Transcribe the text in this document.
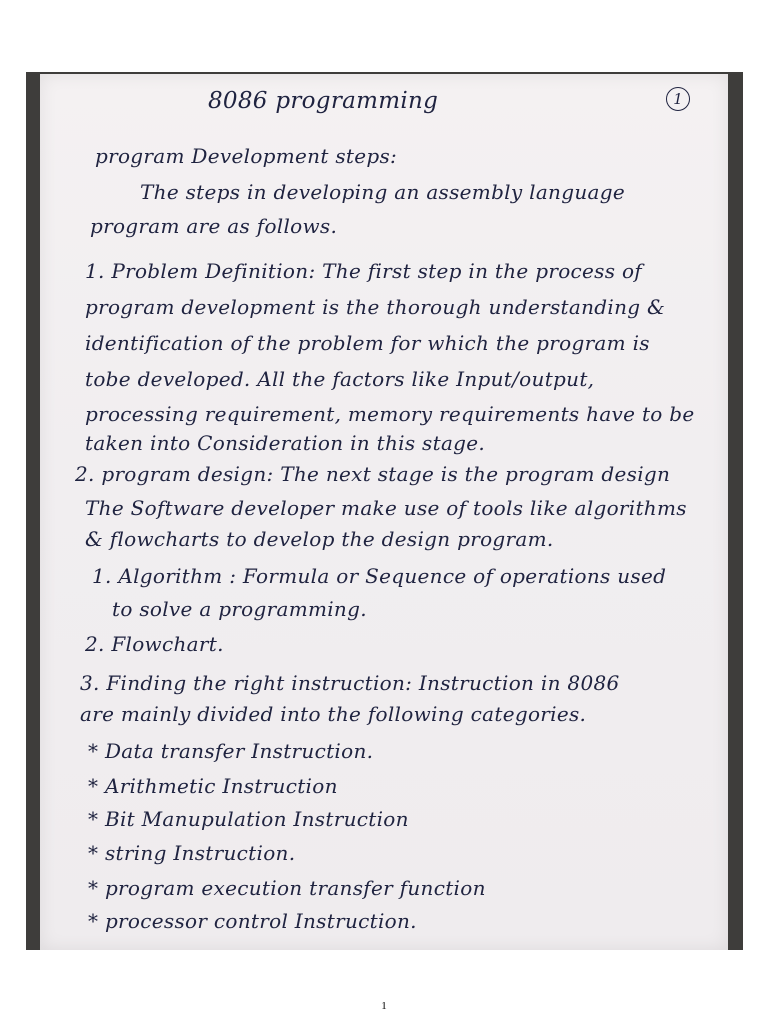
8086 programming	1
program Development steps:
The steps in developing an assembly language
program are as follows.
1. Problem Definition: The first step in the process of
program development is the thorough understanding &
identification of the problem for which the program is
tobe developed. All the factors like Input/output,
processing requirement, memory requirements have to be
taken into Consideration in this stage.
2. program design: The next stage is the program design
The Software developer make use of tools like algorithms
& flowcharts to develop the design program.
1. Algorithm : Formula or Sequence of operations used
to solve a programming.
2. Flowchart.
3. Finding the right instruction: Instruction in 8086
are mainly divided into the following categories.
* Data transfer Instruction.
* Arithmetic Instruction
* Bit Manupulation Instruction
* string Instruction.
* program execution transfer function
* processor control Instruction.
1
